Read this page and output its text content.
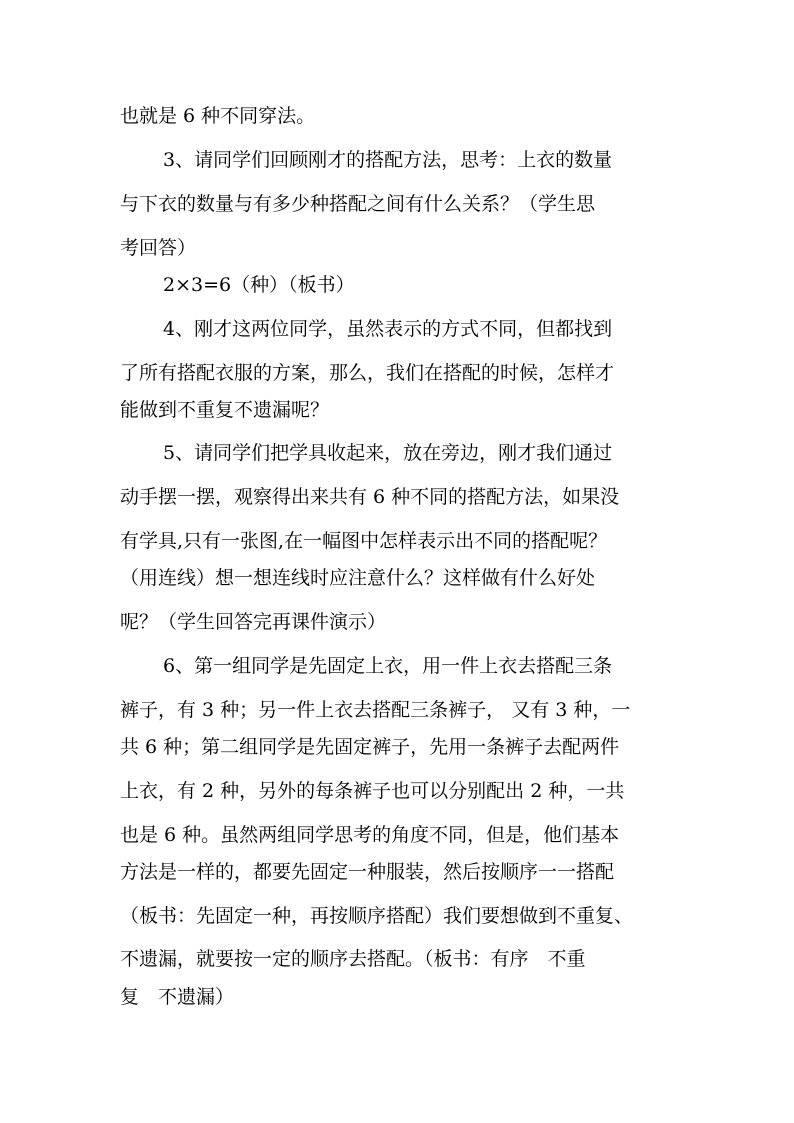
也就是 6 种不同穿法。
3、请同学们回顾刚才的搭配方法，思考：上衣的数量
与下衣的数量与有多少种搭配之间有什么关系？（学生思
考回答）
2×3=6（种）（板书）
4、刚才这两位同学，虽然表示的方式不同，但都找到
了所有搭配衣服的方案，那么，我们在搭配的时候，怎样才
能做到不重复不遗漏呢？
5、请同学们把学具收起来，放在旁边，刚才我们通过
动手摆一摆，观察得出来共有 6 种不同的搭配方法，如果没
有学具,只有一张图,在一幅图中怎样表示出不同的搭配呢？
（用连线）想一想连线时应注意什么？这样做有什么好处
呢？（学生回答完再课件演示）
6、第一组同学是先固定上衣，用一件上衣去搭配三条
裤子，有 3 种；另一件上衣去搭配三条裤子， 又有 3 种，一
共 6 种；第二组同学是先固定裤子，先用一条裤子去配两件
上衣，有 2 种，另外的每条裤子也可以分别配出 2 种，一共
也是 6 种。虽然两组同学思考的角度不同，但是，他们基本
方法是一样的，都要先固定一种服装，然后按顺序一一搭配
（板书：先固定一种，再按顺序搭配）我们要想做到不重复、
不遗漏，就要按一定的顺序去搭配。（板书：有序　不重
复　不遗漏）
